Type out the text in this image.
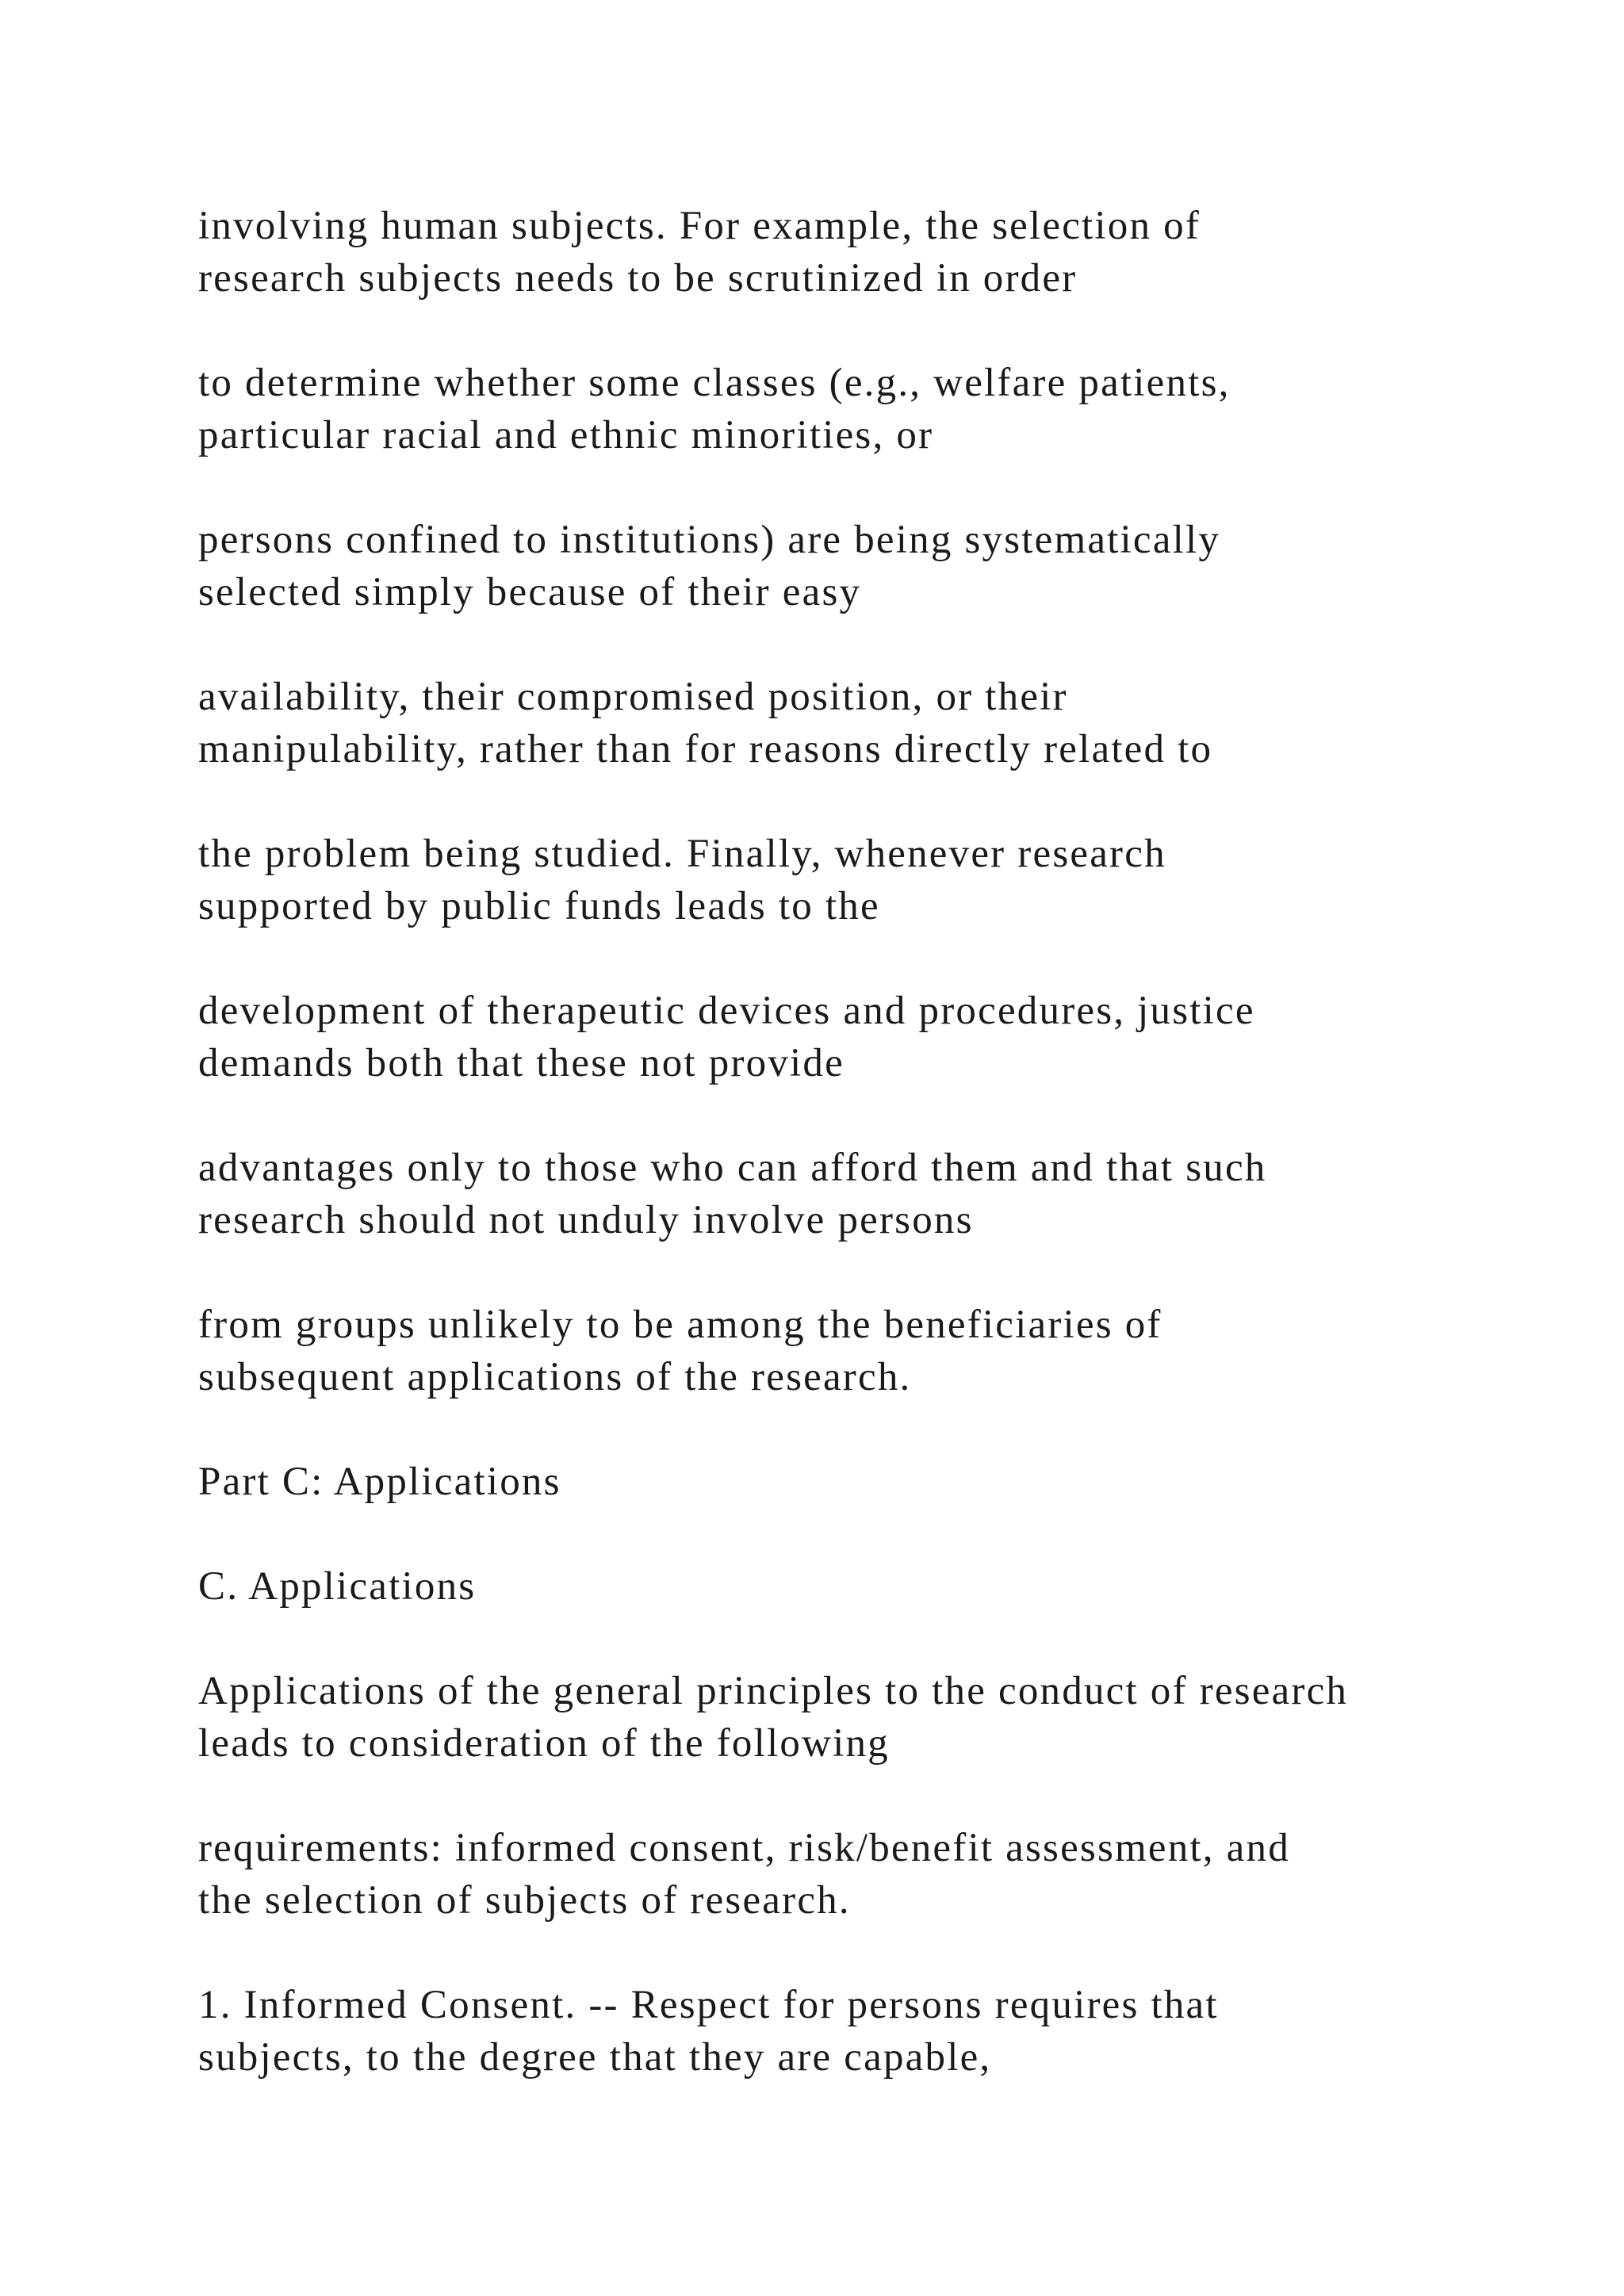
involving human subjects. For example, the selection of
research subjects needs to be scrutinized in order

to determine whether some classes (e.g., welfare patients,
particular racial and ethnic minorities, or

persons confined to institutions) are being systematically
selected simply because of their easy

availability, their compromised position, or their
manipulability, rather than for reasons directly related to

the problem being studied. Finally, whenever research
supported by public funds leads to the

development of therapeutic devices and procedures, justice
demands both that these not provide

advantages only to those who can afford them and that such
research should not unduly involve persons

from groups unlikely to be among the beneficiaries of
subsequent applications of the research.

Part C: Applications

C. Applications

Applications of the general principles to the conduct of research
leads to consideration of the following

requirements: informed consent, risk/benefit assessment, and
the selection of subjects of research.

1. Informed Consent. -- Respect for persons requires that
subjects, to the degree that they are capable,
